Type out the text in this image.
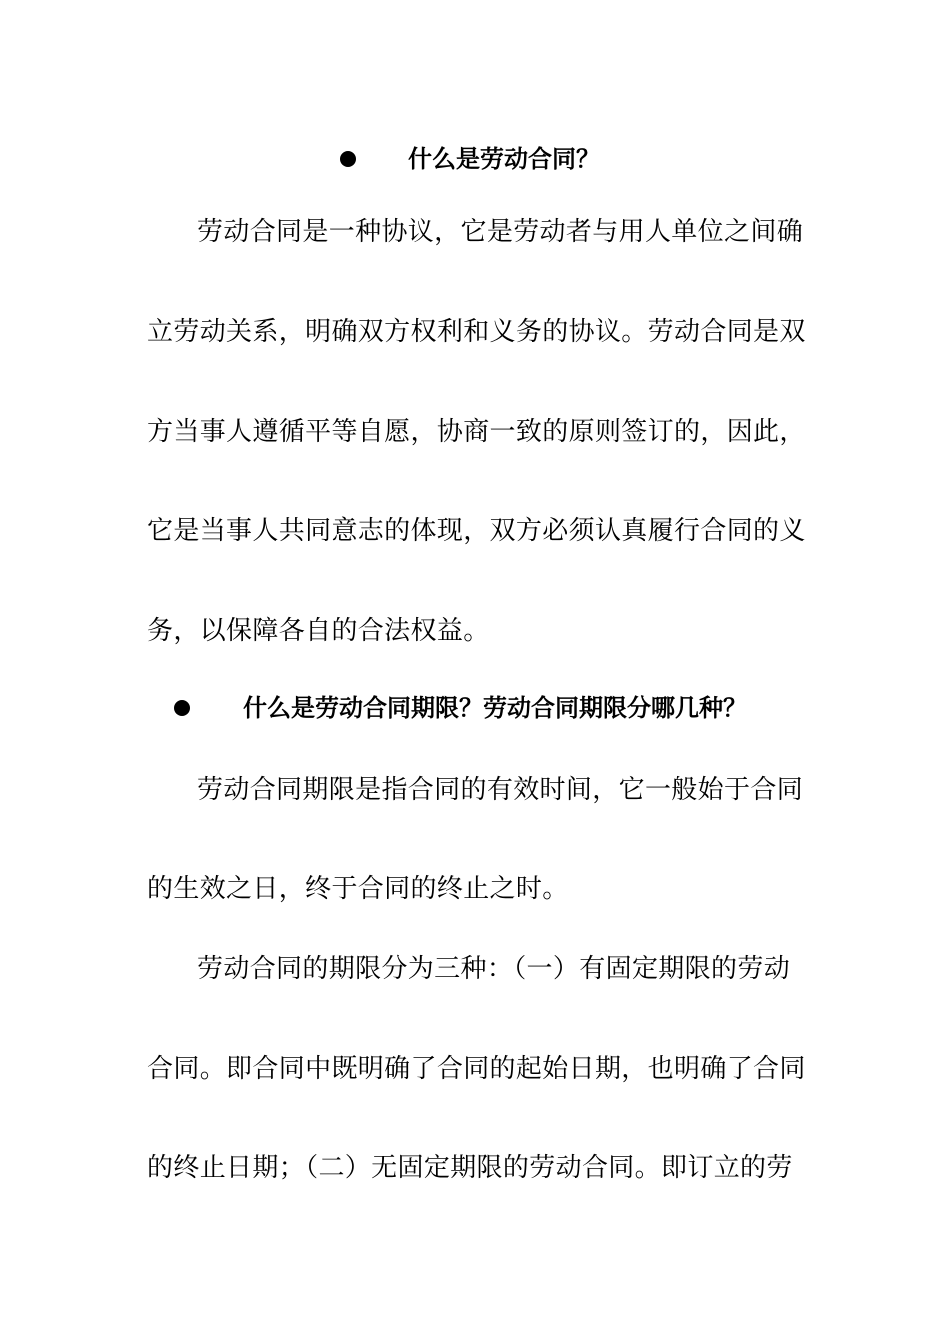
什么是劳动合同？
劳动合同是一种协议，它是劳动者与用人单位之间确
立劳动关系，明确双方权利和义务的协议。劳动合同是双
方当事人遵循平等自愿，协商一致的原则签订的，因此，
它是当事人共同意志的体现，双方必须认真履行合同的义
务，以保障各自的合法权益。
什么是劳动合同期限？劳动合同期限分哪几种？
劳动合同期限是指合同的有效时间，它一般始于合同
的生效之日，终于合同的终止之时。
劳动合同的期限分为三种：（一）有固定期限的劳动
合同。即合同中既明确了合同的起始日期，也明确了合同
的终止日期；（二）无固定期限的劳动合同。即订立的劳
